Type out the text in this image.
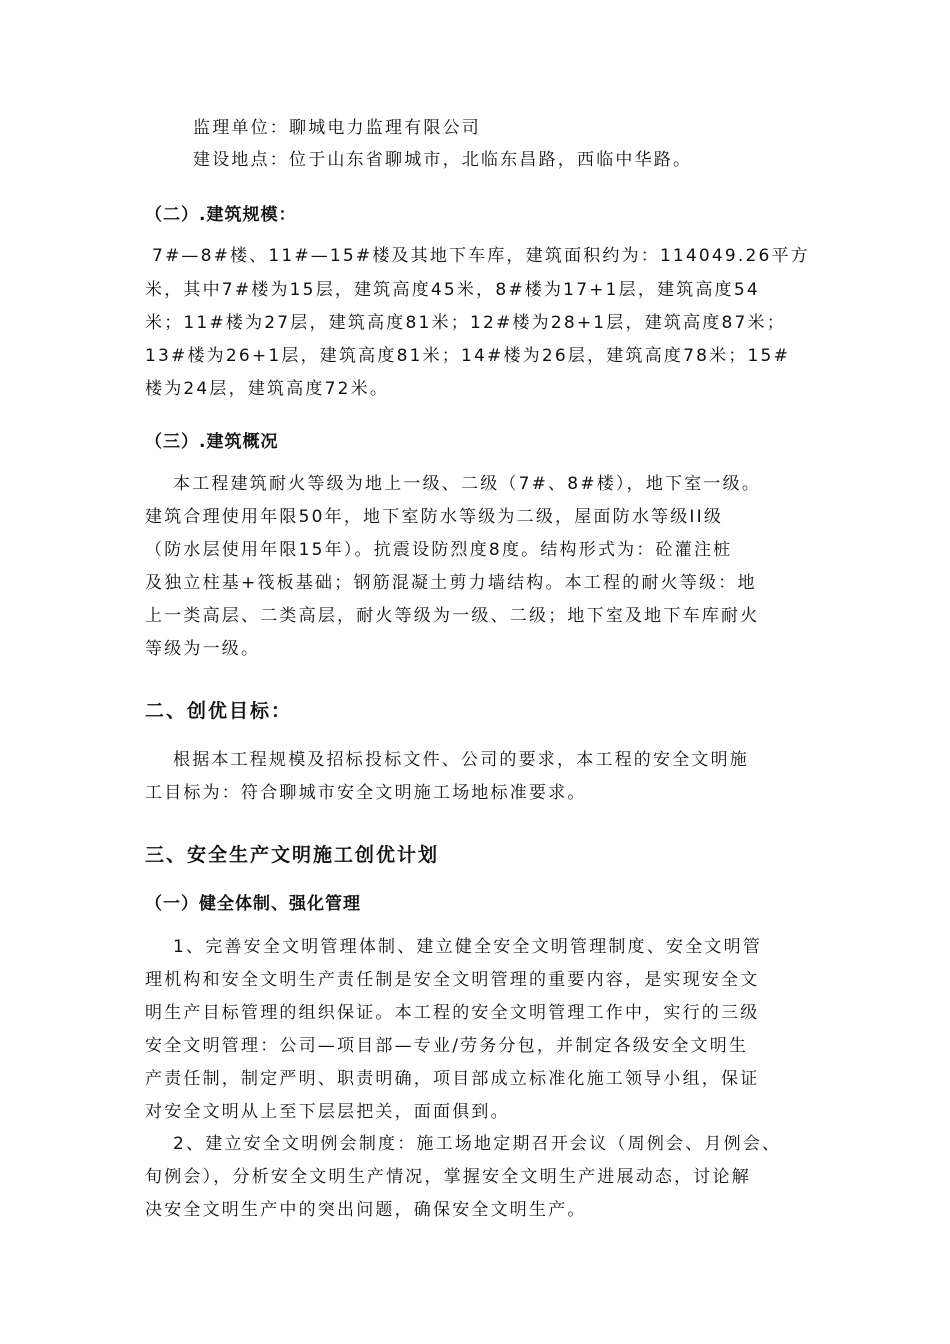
监理单位：聊城电力监理有限公司
建设地点：位于山东省聊城市，北临东昌路，西临中华路。
（二）.建筑规模：
7#—8#楼、11#—15#楼及其地下车库，建筑面积约为：114049.26平方
米，其中7#楼为15层，建筑高度45米，8#楼为17+1层，建筑高度54
米；11#楼为27层，建筑高度81米；12#楼为28+1层，建筑高度87米；
13#楼为26+1层，建筑高度81米；14#楼为26层，建筑高度78米；15#
楼为24层，建筑高度72米。
（三）.建筑概况
本工程建筑耐火等级为地上一级、二级（7#、8#楼），地下室一级。
建筑合理使用年限50年，地下室防水等级为二级，屋面防水等级II级
（防水层使用年限15年）。抗震设防烈度8度。结构形式为：砼灌注桩
及独立柱基+筏板基础；钢筋混凝土剪力墙结构。本工程的耐火等级：地
上一类高层、二类高层，耐火等级为一级、二级；地下室及地下车库耐火
等级为一级。
二、创优目标：
根据本工程规模及招标投标文件、公司的要求，本工程的安全文明施
工目标为：符合聊城市安全文明施工场地标准要求。
三、安全生产文明施工创优计划
（一）健全体制、强化管理
1、完善安全文明管理体制、建立健全安全文明管理制度、安全文明管
理机构和安全文明生产责任制是安全文明管理的重要内容，是实现安全文
明生产目标管理的组织保证。本工程的安全文明管理工作中，实行的三级
安全文明管理：公司—项目部—专业/劳务分包，并制定各级安全文明生
产责任制，制定严明、职责明确，项目部成立标准化施工领导小组，保证
对安全文明从上至下层层把关，面面俱到。
2、建立安全文明例会制度：施工场地定期召开会议（周例会、月例会、
旬例会），分析安全文明生产情况，掌握安全文明生产进展动态，讨论解
决安全文明生产中的突出问题，确保安全文明生产。
